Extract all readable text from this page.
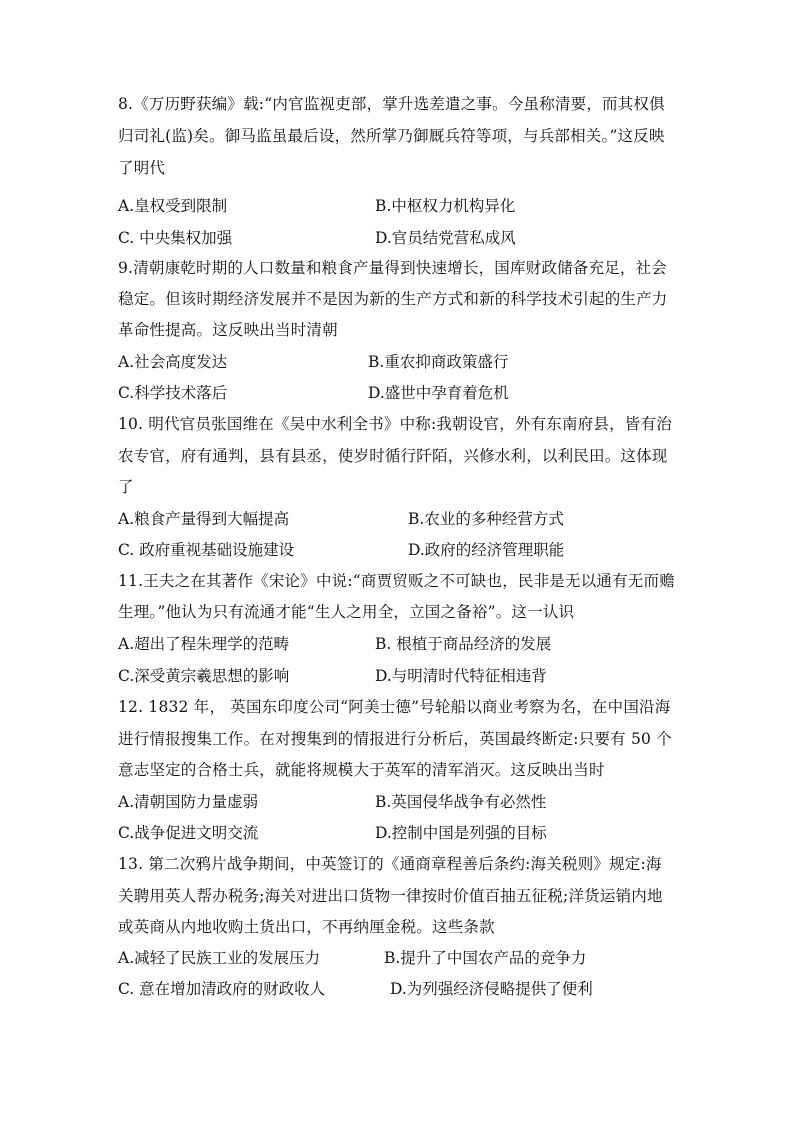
8.《万历野获编》载:“内官监视吏部，掌升选差遣之事。今虽称清要，而其权俱
归司礼(监)矣。御马监虽最后设，然所掌乃御厩兵符等项，与兵部相关。”这反映
了明代
A.皇权受到限制	B.中枢权力机构异化
C. 中央集权加强	D.官员结党营私成风
9.清朝康乾时期的人口数量和粮食产量得到快速增长，国库财政储备充足，社会
稳定。但该时期经济发展并不是因为新的生产方式和新的科学技术引起的生产力
革命性提高。这反映出当时清朝
A.社会高度发达	B.重农抑商政策盛行
C.科学技术落后	D.盛世中孕育着危机
10. 明代官员张国维在《吴中水利全书》中称:我朝设官，外有东南府县，皆有治
农专官，府有通判，县有县丞，使岁时循行阡陌，兴修水利，以利民田。这体现
了
A.粮食产量得到大幅提高	B.农业的多种经营方式
C. 政府重视基础设施建设	D.政府的经济管理职能
11.王夫之在其著作《宋论》中说:“商贾贸贩之不可缺也，民非是无以通有无而赡
生理。”他认为只有流通才能“生人之用全，立国之备裕”。这一认识
A.超出了程朱理学的范畴	B. 根植于商品经济的发展
C.深受黄宗羲思想的影响	D.与明清时代特征相违背
12. 1832 年， 英国东印度公司“阿美士德”号轮船以商业考察为名，在中国沿海
进行情报搜集工作。在对搜集到的情报进行分析后，英国最终断定:只要有 50 个
意志坚定的合格士兵，就能将规模大于英军的清军消灭。这反映出当时
A.清朝国防力量虚弱	B.英国侵华战争有必然性
C.战争促进文明交流	D.控制中国是列强的目标
13. 第二次鸦片战争期间，中英签订的《通商章程善后条约:海关税则》规定:海
关聘用英人帮办税务;海关对进出口货物一律按时价值百抽五征税;洋货运销内地
或英商从内地收购土货出口，不再纳厘金税。这些条款
A.减轻了民族工业的发展压力	B.提升了中国农产品的竞争力
C. 意在增加清政府的财政收人	D.为列强经济侵略提供了便利
